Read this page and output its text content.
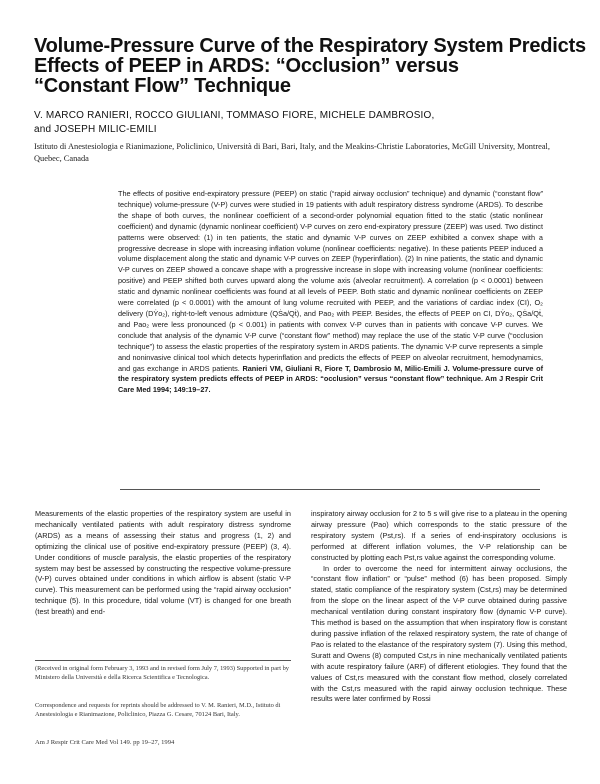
Volume-Pressure Curve of the Respiratory System Predicts
Effects of PEEP in ARDS: “Occlusion” versus
“Constant Flow” Technique
V. MARCO RANIERI, ROCCO GIULIANI, TOMMASO FIORE, MICHELE DAMBROSIO,
and JOSEPH MILIC-EMILI
Istituto di Anestesiologia e Rianimazione, Policlinico, Università di Bari, Bari, Italy, and the Meakins-Christie Laboratories, McGill University, Montreal, Quebec, Canada
The effects of positive end-expiratory pressure (PEEP) on static (“rapid airway occlusion” technique) and dynamic (“constant flow” technique) volume-pressure (V-P) curves were studied in 19 patients with adult respiratory distress syndrome (ARDS). To describe the shape of both curves, the nonlinear coefficient of a second-order polynomial equation fitted to the static (static nonlinear coefficient) and dynamic (dynamic nonlinear coefficient) V-P curves on zero end-expiratory pressure (ZEEP) was used. Two distinct patterns were observed: (1) in ten patients, the static and dynamic V-P curves on ZEEP exhibited a convex shape with a progressive decrease in slope with increasing inflation volume (nonlinear coefficients: negative). In these patients PEEP induced a volume displacement along the static and dynamic V-P curves on ZEEP (hyperinflation). (2) In nine patients, the static and dynamic V-P curves on ZEEP showed a concave shape with a progressive increase in slope with increasing volume (nonlinear coefficients: positive) and PEEP shifted both curves upward along the volume axis (alveolar recruitment). A correlation (p < 0.0001) between static and dynamic nonlinear coefficients was found at all levels of PEEP. Both static and dynamic nonlinear coefficients on ZEEP were correlated (p < 0.0001) with the amount of lung volume recruited with PEEP, and the variations of cardiac index (CI), O₂ delivery (DẎo₂), right-to-left venous admixture (QṠa/Qṫ), and Pao₂ with PEEP. Besides, the effects of PEEP on CI, DẎo₂, QṠa/Qṫ, and Pao₂ were less pronounced (p < 0.001) in patients with convex V-P curves than in patients with concave V-P curves. We conclude that analysis of the dynamic V-P curve (“constant flow” method) may replace the use of the static V-P curve (“occlusion technique”) to assess the elastic properties of the respiratory system in ARDS patients. The dynamic V-P curve represents a simple and noninvasive clinical tool which detects hyperinflation and predicts the effects of PEEP on alveolar recruitment, hemodynamics, and gas exchange in ARDS patients. Ranieri VM, Giuliani R, Fiore T, Dambrosio M, Milic-Emili J. Volume-pressure curve of the respiratory system predicts effects of PEEP in ARDS: “occlusion” versus “constant flow” technique. Am J Respir Crit Care Med 1994; 149:19–27.

Measurements of the elastic properties of the respiratory system are useful in mechanically ventilated patients with adult respiratory distress syndrome (ARDS) as a means of assessing their status and progress (1, 2) and optimizing the clinical use of positive end-expiratory pressure (PEEP) (3, 4). Under conditions of muscle paralysis, the elastic properties of the respiratory system may best be assessed by constructing the respective volume-pressure (V-P) curves obtained under conditions in which airflow is absent (static V-P curve). This measurement can be performed using the “rapid airway occlusion” technique (5). In this procedure, tidal volume (VT) is changed for one breath (test breath) and end-

(Received in original form February 3, 1993 and in revised form July 7, 1993) Supported in part by Ministero della Università e della Ricerca Scientifica e Tecnologica.
Correspondence and requests for reprints should be addressed to V. M. Ranieri, M.D., Istituto di Anestesiologia e Rianimazione, Policlinico, Piazza G. Cesare, 70124 Bari, Italy.
Am J Respir Crit Care Med Vol 149. pp 19–27, 1994

inspiratory airway occlusion for 2 to 5 s will give rise to a plateau in the opening airway pressure (Pao) which corresponds to the static pressure of the respiratory system (Pst,rs). If a series of end-inspiratory occlusions is performed at different inflation volumes, the V-P relationship can be constructed by plotting each Pst,rs value against the corresponding volume.

In order to overcome the need for intermittent airway occlusions, the “constant flow inflation” or “pulse” method (6) has been proposed. Simply stated, static compliance of the respiratory system (Cst,rs) may be determined from the slope on the linear aspect of the V-P curve obtained during passive mechanical ventilation during constant inspiratory flow (dynamic V-P curve). This method is based on the assumption that when inspiratory flow is constant during passive inflation of the relaxed respiratory system, the rate of change of Pao is related to the elastance of the respiratory system (7). Using this method, Suratt and Owens (8) computed Cst,rs in nine mechanically ventilated patients with acute respiratory failure (ARF) of different etiologies. They found that the values of Cst,rs measured with the constant flow method, closely correlated with the Cst,rs measured with the rapid airway occlusion technique. These results were later confirmed by Rossi
